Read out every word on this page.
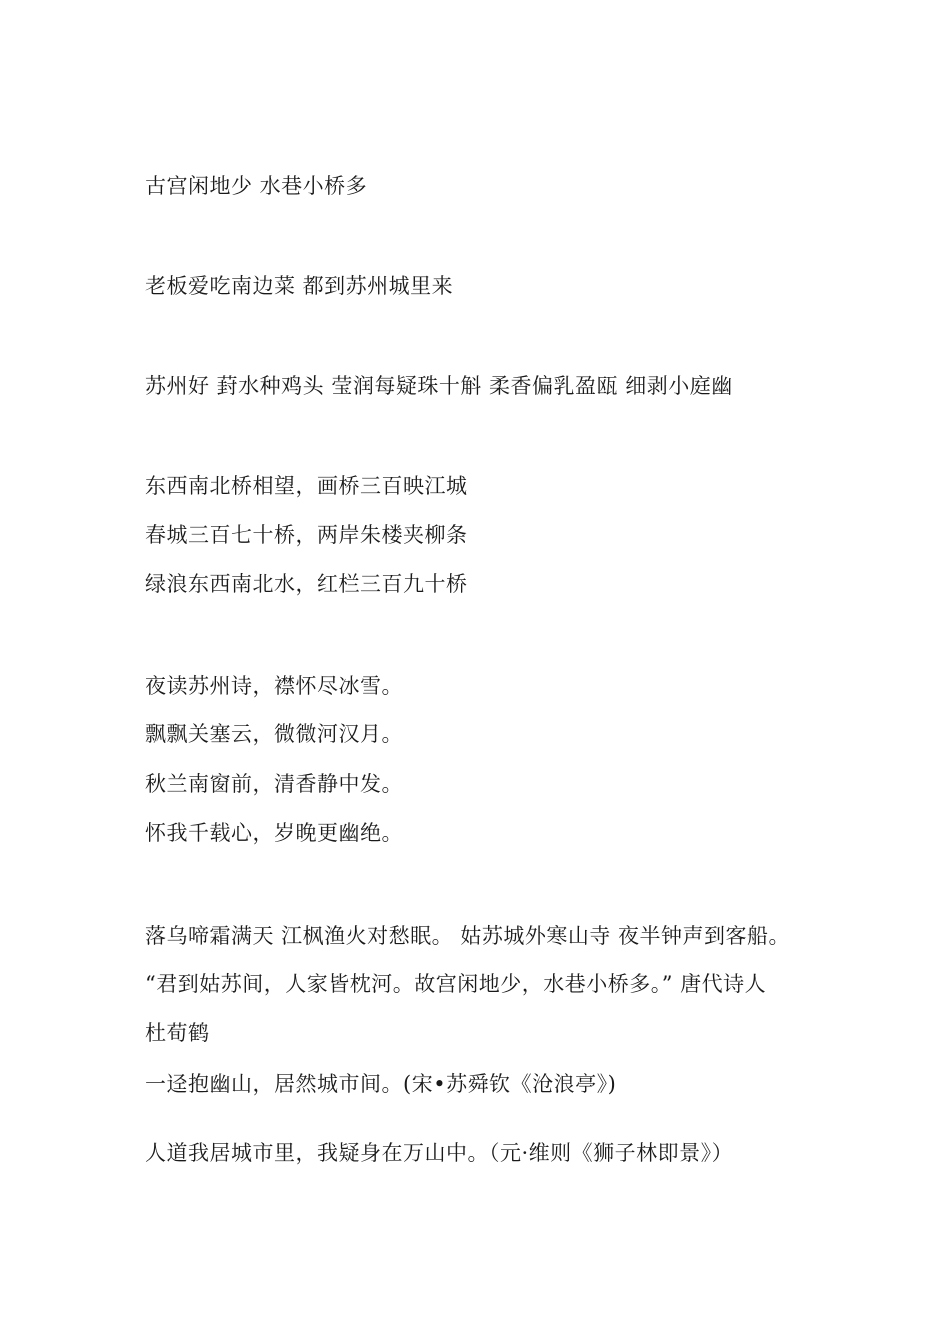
古宫闲地少 水巷小桥多
老板爱吃南边菜 都到苏州城里来
苏州好 葑水种鸡头 莹润每疑珠十斛 柔香偏乳盈瓯 细剥小庭幽
东西南北桥相望，画桥三百映江城
春城三百七十桥，两岸朱楼夹柳条
绿浪东西南北水，红栏三百九十桥
夜读苏州诗，襟怀尽冰雪。
飘飘关塞云，微微河汉月。
秋兰南窗前，清香静中发。
怀我千载心，岁晚更幽绝。
落乌啼霜满天 江枫渔火对愁眠。 姑苏城外寒山寺 夜半钟声到客船。
“君到姑苏间，人家皆枕河。故宫闲地少，水巷小桥多。” 唐代诗人
杜荀鹤
一迳抱幽山，居然城市间。(宋•苏舜钦《沧浪亭》)
人道我居城市里，我疑身在万山中。（元·维则《狮子林即景》）
